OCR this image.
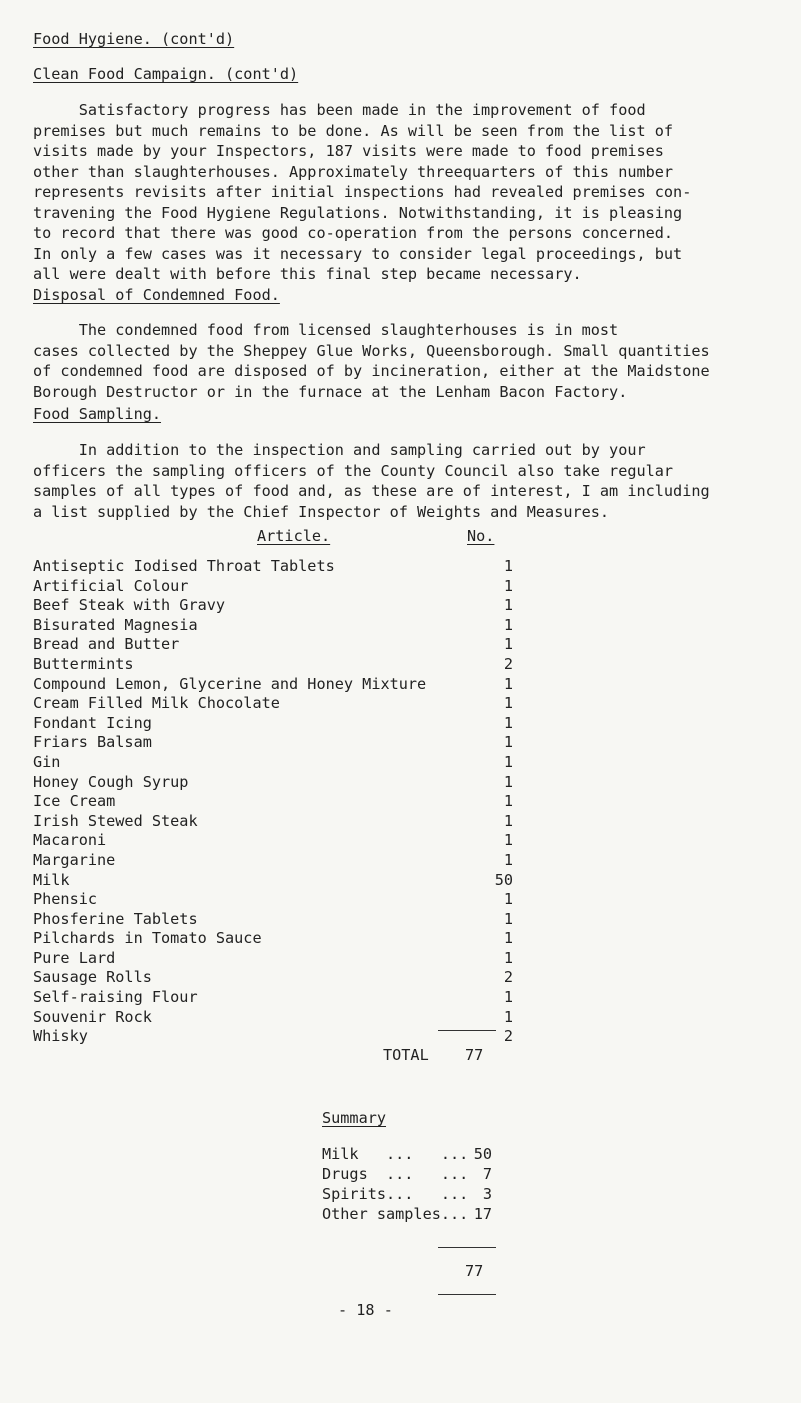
Food Hygiene. (cont'd)
Clean Food Campaign. (cont'd)
Satisfactory progress has been made in the improvement of food
premises but much remains to be done. As will be seen from the list of
visits made by your Inspectors, 187 visits were made to food premises
other than slaughterhouses. Approximately threequarters of this number
represents revisits after initial inspections had revealed premises con-
travening the Food Hygiene Regulations. Notwithstanding, it is pleasing
to record that there was good co-operation from the persons concerned.
In only a few cases was it necessary to consider legal proceedings, but
all were dealt with before this final step became necessary.
Disposal of Condemned Food.
The condemned food from licensed slaughterhouses is in most
cases collected by the Sheppey Glue Works, Queensborough. Small quantities
of condemned food are disposed of by incineration, either at the Maidstone
Borough Destructor or in the furnace at the Lenham Bacon Factory.
Food Sampling.
In addition to the inspection and sampling carried out by your
officers the sampling officers of the County Council also take regular
samples of all types of food and, as these are of interest, I am including
a list supplied by the Chief Inspector of Weights and Measures.
Article.	No.
Antiseptic Iodised Throat Tablets	1
Artificial Colour	1
Beef Steak with Gravy	1
Bisurated Magnesia	1
Bread and Butter	1
Buttermints	2
Compound Lemon, Glycerine and Honey Mixture	1
Cream Filled Milk Chocolate	1
Fondant Icing	1
Friars Balsam	1
Gin	1
Honey Cough Syrup	1
Ice Cream	1
Irish Stewed Steak	1
Macaroni	1
Margarine	1
Milk	50
Phensic	1
Phosferine Tablets	1
Pilchards in Tomato Sauce	1
Pure Lard	1
Sausage Rolls	2
Self-raising Flour	1
Souvenir Rock	1
Whisky	2
TOTAL 77
Summary
Milk   ...   ... 50
Drugs  ...   ... 7
Spirits...   ... 3
Other samples... 17
77
- 18 -
